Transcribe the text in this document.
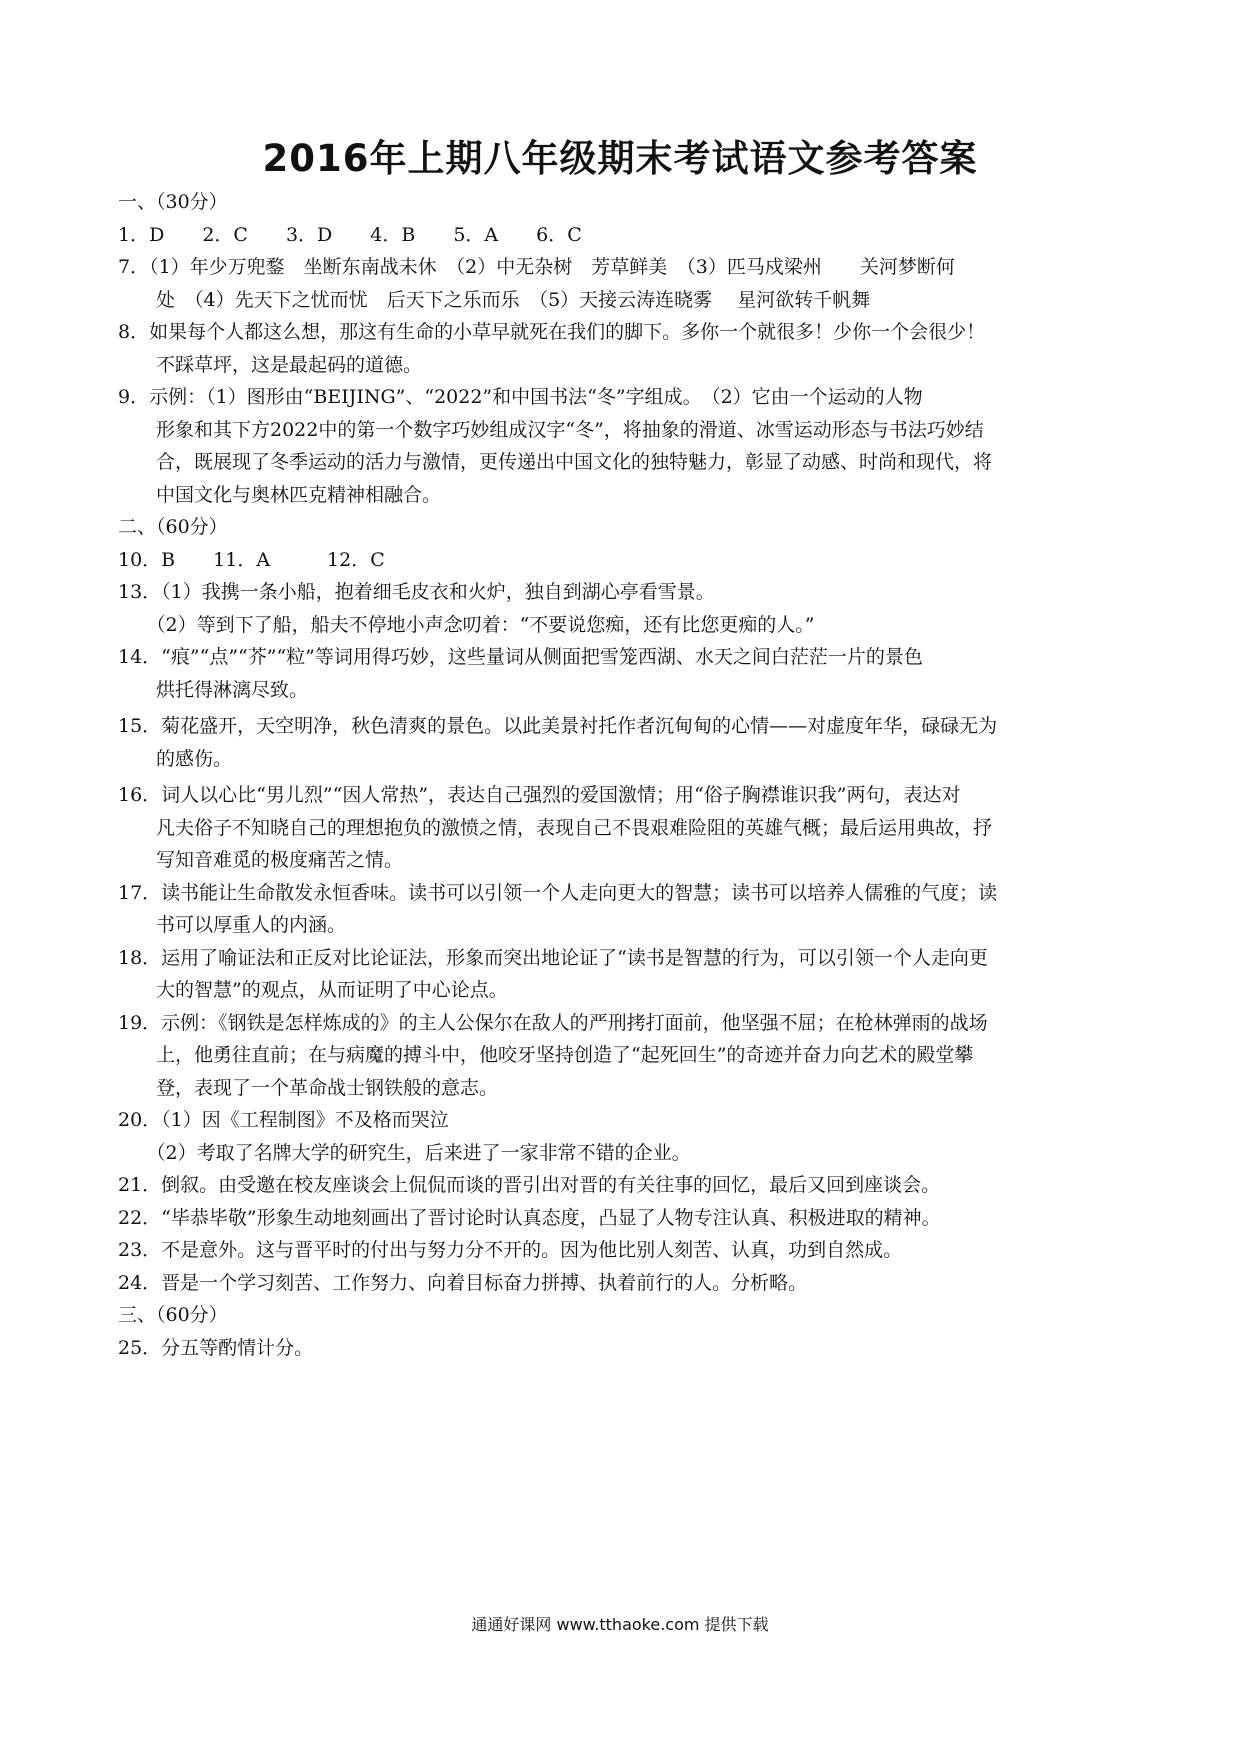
2016年上期八年级期末考试语文参考答案

一、（30分）

1．D　　2．C　　3．D　　4．B　　5．A　　6．C

7．（1）年少万兜鍪　坐断东南战未休　（2）中无杂树　芳草鲜美　（3）匹马戍梁州　　关河梦断何

　　处　（4）先天下之忧而忧　后天下之乐而乐　（5）天接云涛连晓雾　 星河欲转千帆舞

8．如果每个人都这么想，那这有生命的小草早就死在我们的脚下。多你一个就很多！少你一个会很少！

　　不踩草坪，这是最起码的道德。

9．示例：（1）图形由“BEIJING”、“2022”和中国书法“冬”字组成。　（2）它由一个运动的人物

　　形象和其下方2022中的第一个数字巧妙组成汉字“冬”，将抽象的滑道、冰雪运动形态与书法巧妙结

　　合，既展现了冬季运动的活力与激情，更传递出中国文化的独特魅力，彰显了动感、时尚和现代，将

　　中国文化与奥林匹克精神相融合。

二、（60分）

10．B　　11．A　　　12．C

13．（1）我携一条小船，抱着细毛皮衣和火炉，独自到湖心亭看雪景。

　　（2）等到下了船，船夫不停地小声念叨着：“不要说您痴，还有比您更痴的人。”

14．“痕”“点”“芥”“粒”等词用得巧妙，这些量词从侧面把雪笼西湖、水天之间白茫茫一片的景色

　　烘托得淋漓尽致。

15．菊花盛开，天空明净，秋色清爽的景色。以此美景衬托作者沉甸甸的心情——对虚度年华，碌碌无为

　　的感伤。

16．词人以心比“男儿烈”“因人常热”，表达自己强烈的爱国激情；用“俗子胸襟谁识我”两句，表达对

　　凡夫俗子不知晓自己的理想抱负的激愤之情，表现自己不畏艰难险阻的英雄气概；最后运用典故，抒

　　写知音难觅的极度痛苦之情。

17．读书能让生命散发永恒香味。读书可以引领一个人走向更大的智慧；读书可以培养人儒雅的气度；读

　　书可以厚重人的内涵。

18．运用了喻证法和正反对比论证法，形象而突出地论证了“读书是智慧的行为，可以引领一个人走向更

　　大的智慧”的观点，从而证明了中心论点。

19．示例：《钢铁是怎样炼成的》的主人公保尔在敌人的严刑拷打面前，他坚强不屈；在枪林弹雨的战场

　　上，他勇往直前；在与病魔的搏斗中，他咬牙坚持创造了“起死回生”的奇迹并奋力向艺术的殿堂攀

　　登，表现了一个革命战士钢铁般的意志。

20．（1）因《工程制图》不及格而哭泣

　　（2）考取了名牌大学的研究生，后来进了一家非常不错的企业。

21．倒叙。由受邀在校友座谈会上侃侃而谈的晋引出对晋的有关往事的回忆，最后又回到座谈会。

22．“毕恭毕敬”形象生动地刻画出了晋讨论时认真态度，凸显了人物专注认真、积极进取的精神。

23．不是意外。这与晋平时的付出与努力分不开的。因为他比别人刻苦、认真，功到自然成。

24．晋是一个学习刻苦、工作努力、向着目标奋力拼搏、执着前行的人。分析略。

三、（60分）

25．分五等酌情计分。

通通好课网 www.tthaoke.com 提供下载
